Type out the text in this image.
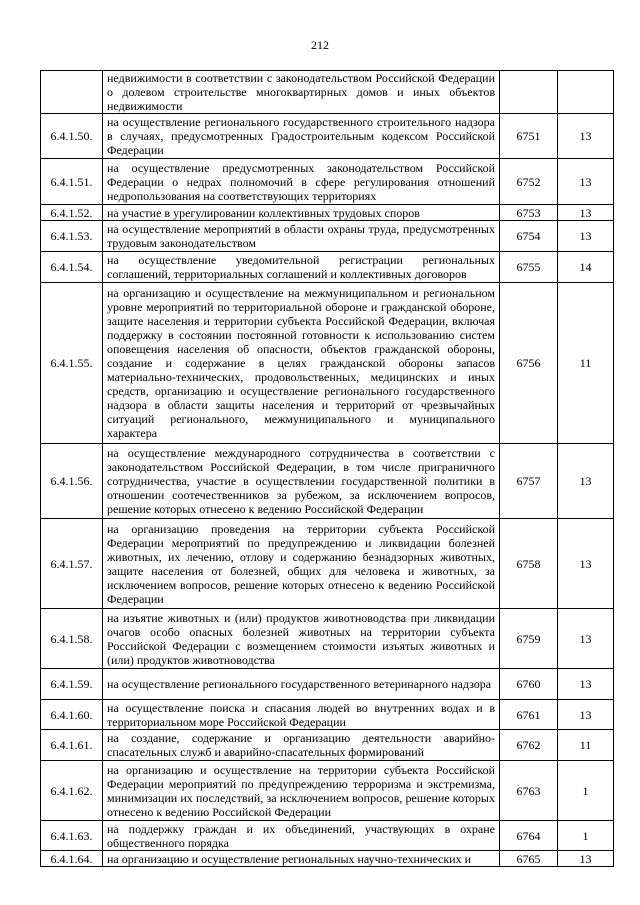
212
	недвижимости в соответствии с законодательством Российской Федерации о долевом строительстве многоквартирных домов и иных объектов недвижимости		
6.4.1.50.	на осуществление регионального государственного строительного надзора в случаях, предусмотренных Градостроительным кодексом Российской Федерации	6751	13
6.4.1.51.	на осуществление предусмотренных законодательством Российской Федерации о недрах полномочий в сфере регулирования отношений недропользования на соответствующих территориях	6752	13
6.4.1.52.	на участие в урегулировании коллективных трудовых споров	6753	13
6.4.1.53.	на осуществление мероприятий в области охраны труда, предусмотренных трудовым законодательством	6754	13
6.4.1.54.	на осуществление уведомительной регистрации региональных соглашений, территориальных соглашений и коллективных договоров	6755	14
6.4.1.55.	на организацию и осуществление на межмуниципальном и региональном уровне мероприятий по территориальной обороне и гражданской обороне, защите населения и территории субъекта Российской Федерации, включая поддержку в состоянии постоянной готовности к использованию систем оповещения населения об опасности, объектов гражданской обороны, создание и содержание в целях гражданской обороны запасов материально-технических, продовольственных, медицинских и иных средств, организацию и осуществление регионального государственного надзора в области защиты населения и территорий от чрезвычайных ситуаций регионального, межмуниципального и муниципального характера	6756	11
6.4.1.56.	на осуществление международного сотрудничества в соответствии с законодательством Российской Федерации, в том числе приграничного сотрудничества, участие в осуществлении государственной политики в отношении соотечественников за рубежом, за исключением вопросов, решение которых отнесено к ведению Российской Федерации	6757	13
6.4.1.57.	на организацию проведения на территории субъекта Российской Федерации мероприятий по предупреждению и ликвидации болезней животных, их лечению, отлову и содержанию безнадзорных животных, защите населения от болезней, общих для человека и животных, за исключением вопросов, решение которых отнесено к ведению Российской Федерации	6758	13
6.4.1.58.	на изъятие животных и (или) продуктов животноводства при ликвидации очагов особо опасных болезней животных на территории субъекта Российской Федерации с возмещением стоимости изъятых животных и (или) продуктов животноводства	6759	13
6.4.1.59.	на осуществление регионального государственного ветеринарного надзора	6760	13
6.4.1.60.	на осуществление поиска и спасания людей во внутренних водах и в территориальном море Российской Федерации	6761	13
6.4.1.61.	на создание, содержание и организацию деятельности аварийно-спасательных служб и аварийно-спасательных формирований	6762	11
6.4.1.62.	на организацию и осуществление на территории субъекта Российской Федерации мероприятий по предупреждению терроризма и экстремизма, минимизации их последствий, за исключением вопросов, решение которых отнесено к ведению Российской Федерации	6763	1
6.4.1.63.	на поддержку граждан и их объединений, участвующих в охране общественного порядка	6764	1
6.4.1.64.	на организацию и осуществление региональных научно-технических и	6765	13
